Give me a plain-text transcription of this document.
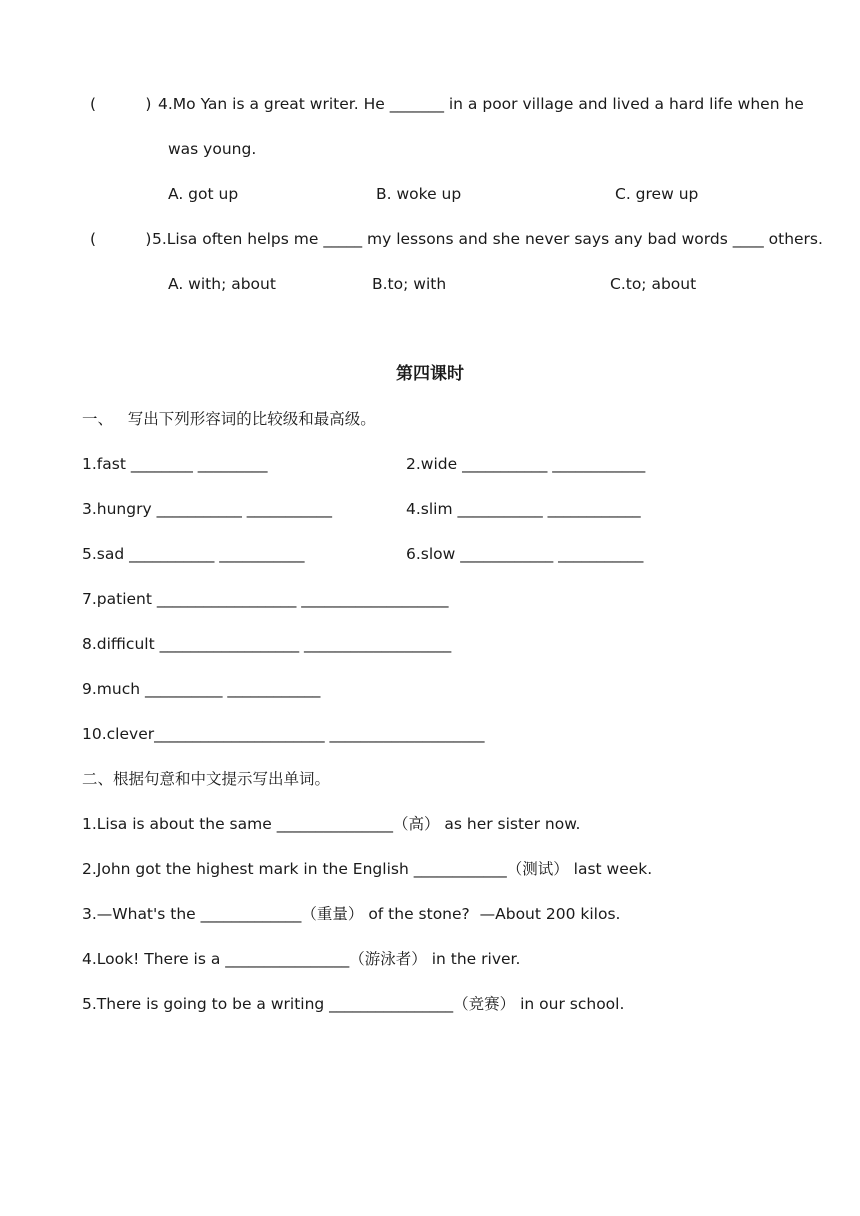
(          ) 4.Mo Yan is a great writer. He _______ in a poor village and lived a hard life when he
was young.
A. got up	B. woke up	C. grew up
(          ) 5.Lisa often helps me _____ my lessons and she never says any bad words ____ others.
A. with; about	B.to; with	C.to; about
第四课时
一、   写出下列形容词的比较级和最高级。
1.fast ________ _________	2.wide ___________ ____________
3.hungry ___________ ___________	4.slim ___________ ____________
5.sad ___________ ___________	6.slow ____________ ___________
7.patient __________________ ___________________
8.difficult __________________ ___________________
9.much __________ ____________
10.clever______________________ ____________________
二、根据句意和中文提示写出单词。
1.Lisa is about the same _______________（高） as her sister now.
2.John got the highest mark in the English ____________（测试） last week.
3.—What's the _____________（重量） of the stone?  —About 200 kilos.
4.Look! There is a ________________（游泳者） in the river.
5.There is going to be a writing ________________（竞赛） in our school.
